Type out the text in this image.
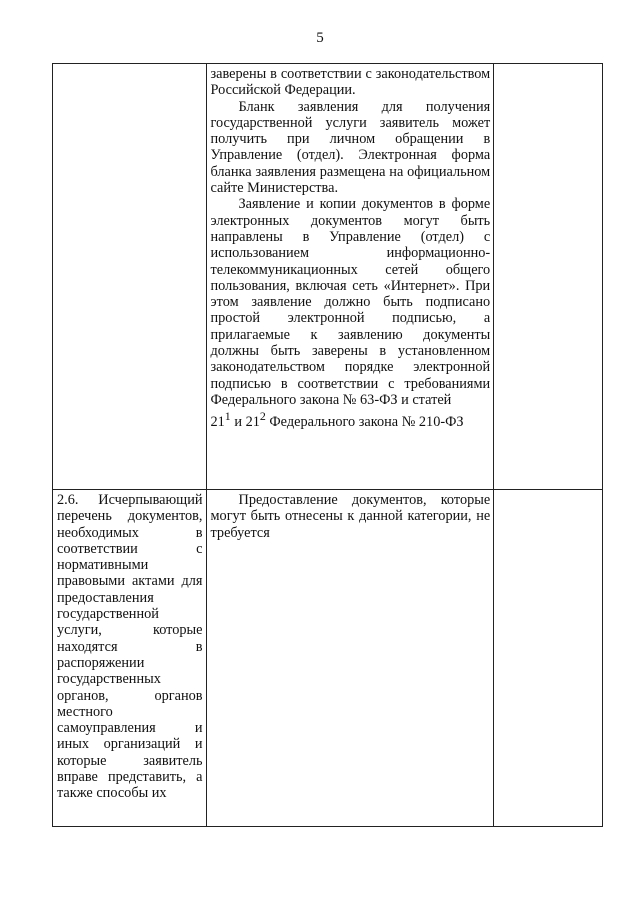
5

	заверены в соответствии с законодательством Российской Федерации.

Бланк заявления для получения государственной услуги заявитель может получить при личном обращении в Управление (отдел). Электронная форма бланка заявления размещена на официальном сайте Министерства.

Заявление и копии документов в форме электронных документов могут быть направлены в Управление (отдел) с использованием информационно-телекоммуникационных сетей общего пользования, включая сеть «Интернет». При этом заявление должно быть подписано простой электронной подписью, а прилагаемые к заявлению документы должны быть заверены в установленном законодательством порядке электронной подписью в соответствии с требованиями Федерального закона № 63-ФЗ и статей

$21^1$ и $21^2$ Федерального закона № 210-ФЗ	

2.6. Исчерпывающий перечень документов, необходимых в соответствии с нормативными правовыми актами для предоставления государственной услуги, которые находятся в распоряжении государственных органов, органов местного самоуправления и иных организаций и которые заявитель вправе представить, а также способы их	Предоставление документов, которые могут быть отнесены к данной категории, не требуется	
